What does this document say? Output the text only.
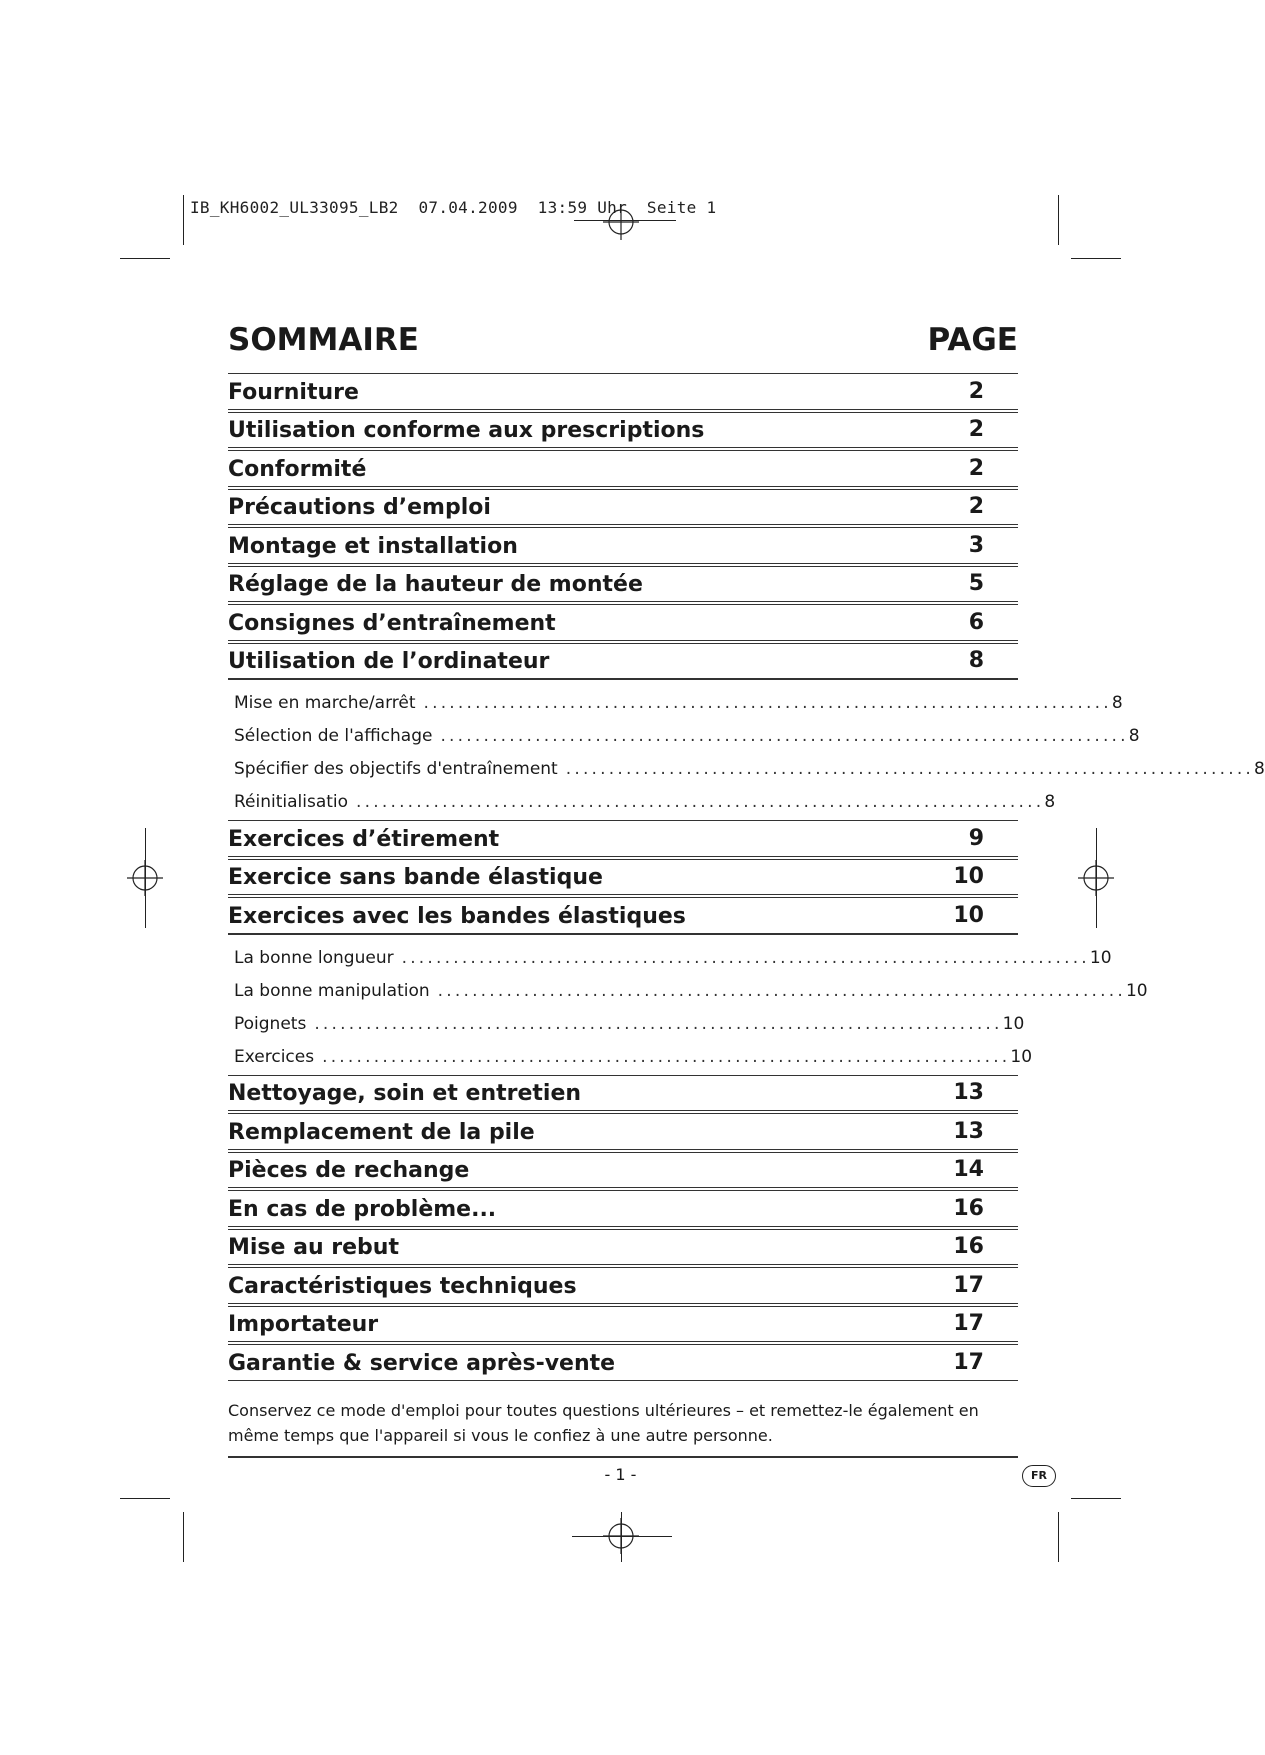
IB_KH6002_UL33095_LB2  07.04.2009  13:59 Uhr  Seite 1
SOMMAIRE	PAGE
Fourniture	2
Utilisation conforme aux prescriptions	2
Conformité	2
Précautions d’emploi	2
Montage et installation	3
Réglage de la hauteur de montée	5
Consignes d’entraînement	6
Utilisation de l’ordinateur	8
Mise en marche/arrêt ................................................................................ 8
Sélection de l'affichage ................................................................................ 8
Spécifier des objectifs d'entraînement ................................................................................ 8
Réinitialisatio ................................................................................ 8
Exercices d’étirement	9
Exercice sans bande élastique	10
Exercices avec les bandes élastiques	10
La bonne longueur ................................................................................ 10
La bonne manipulation ................................................................................ 10
Poignets ................................................................................ 10
Exercices ................................................................................ 10
Nettoyage, soin et entretien	13
Remplacement de la pile	13
Pièces de rechange	14
En cas de problème...	16
Mise au rebut	16
Caractéristiques techniques	17
Importateur	17
Garantie & service après-vente	17
Conservez ce mode d'emploi pour toutes questions ultérieures – et remettez-le également en même temps que l'appareil si vous le confiez à une autre personne.
- 1 -	FR
